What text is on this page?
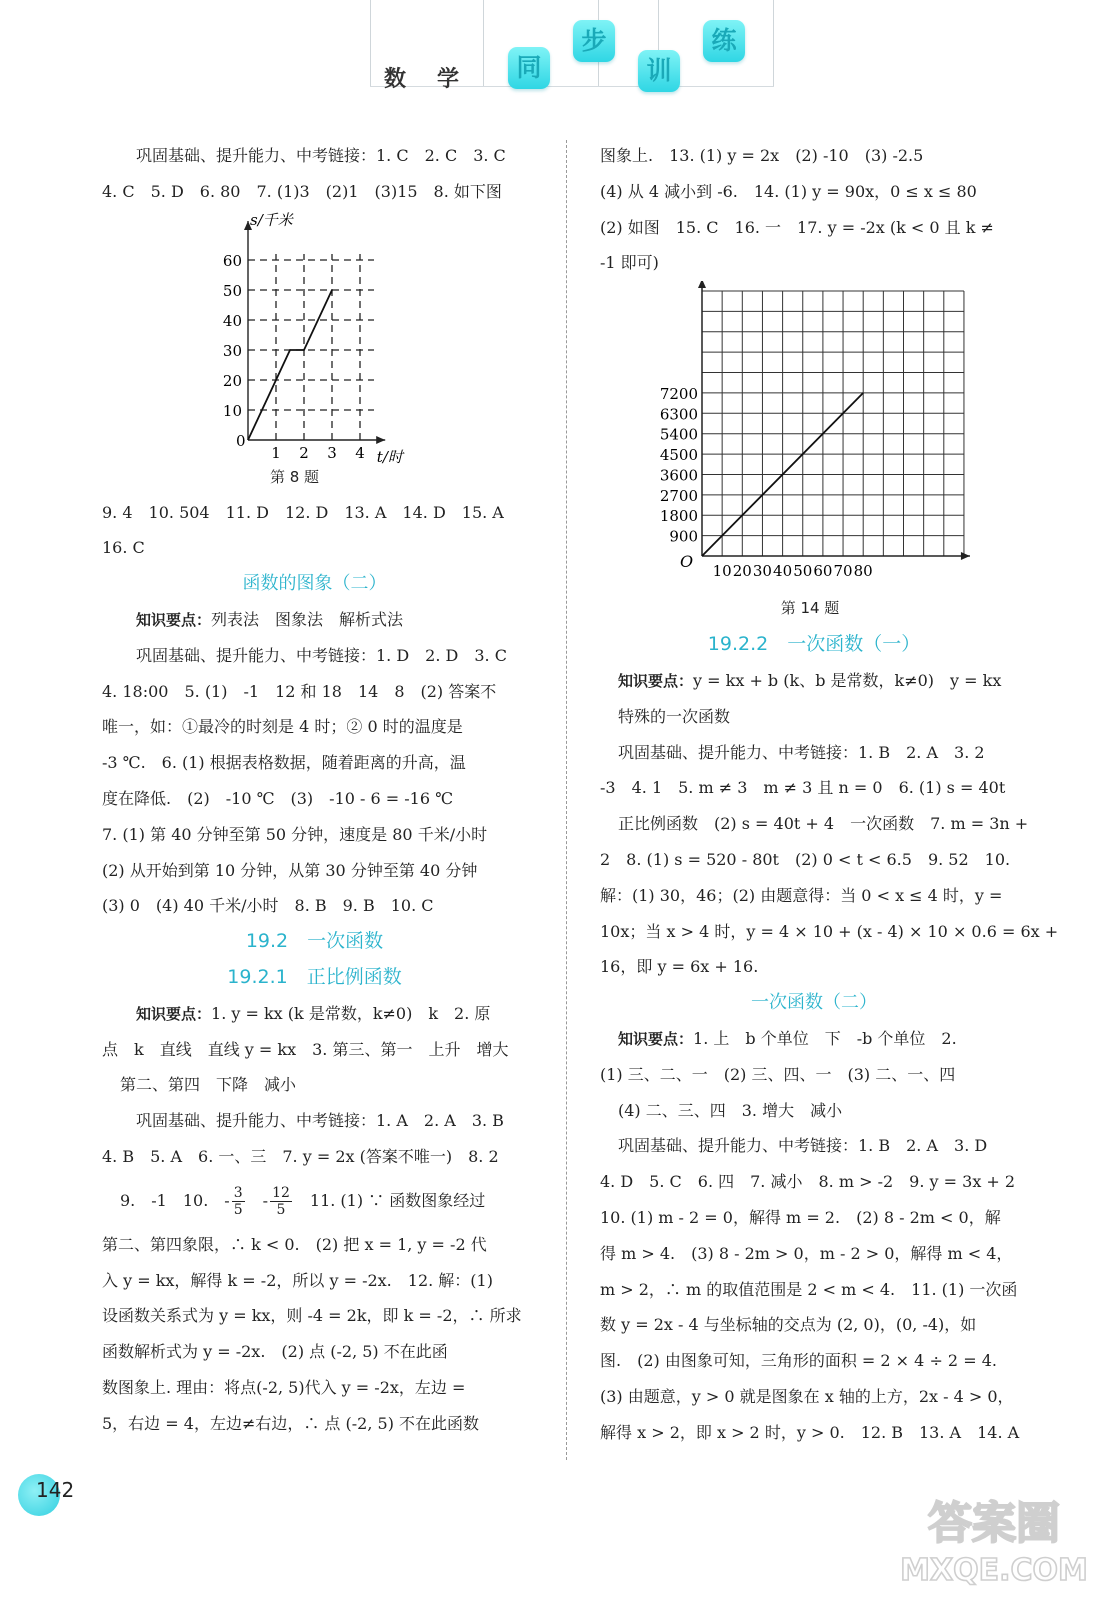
数 学	同
步
训
练
巩固基础、提升能力、中考链接：1. C　2. C　3. C
4. C　5. D　6. 80　7. (1)3　(2)1　(3)15　8. 如下图
10
20
30
40
50
60
1 2 3 4
0
t/时
s/千米
第 8 题
9. 4　10. 504　11. D　12. D　13. A　14. D　15. A
16. C
函数的图象（二）
知识要点：列表法　图象法　解析式法
巩固基础、提升能力、中考链接：1. D　2. D　3. C
4. 18:00　5. (1)　-1　12 和 18　14　8　(2) 答案不
唯一，如：①最冷的时刻是 4 时；② 0 时的温度是
-3 ℃.　6. (1) 根据表格数据，随着距离的升高，温
度在降低.　(2)　-10 ℃　(3)　-10 - 6 = -16 ℃
7. (1) 第 40 分钟至第 50 分钟，速度是 80 千米/小时
(2) 从开始到第 10 分钟，从第 30 分钟至第 40 分钟
(3) 0　(4) 40 千米/小时　8. B　9. B　10. C
19.2　一次函数
19.2.1　正比例函数
知识要点：1. y = kx (k 是常数，k≠0)　k　2. 原
点　k　直线　直线 y = kx　3. 第三、第一　上升　增大
第二、第四　下降　减小
巩固基础、提升能力、中考链接：1. A　2. A　3. B
4. B　5. A　6. 一、三　7. y = 2x (答案不唯一)　8. 2
9.　-1　10.　- $\frac{3}{5}$ 　- $\frac{12}{5}$ 　11. (1) ∵ 函数图象经过
第二、第四象限，∴ k < 0.　(2) 把 x = 1, y = -2 代
入 y = kx，解得 k = -2，所以 y = -2x.　12. 解：(1)
设函数关系式为 y = kx，则 -4 = 2k，即 k = -2，∴ 所求
函数解析式为 y = -2x.　(2) 点 (-2, 5) 不在此函
数图象上. 理由：将点(-2, 5)代入 y = -2x，左边 =
5，右边 = 4，左边≠右边，∴ 点 (-2, 5) 不在此函数
图象上.　13. (1) y = 2x　(2) -10　(3) -2.5
(4) 从 4 减小到 -6.　14. (1) y = 90x，0 ≤ x ≤ 80
(2) 如图　15. C　16. 一　17. y = -2x (k < 0 且 k ≠
-1 即可)
10 20 30 40 50 60 70 80
900
1800
2700
3600
4500
5400
6300
7200
O
第 14 题
19.2.2　一次函数（一）
知识要点：y = kx + b (k、b 是常数，k≠0)　y = kx
特殊的一次函数
巩固基础、提升能力、中考链接：1. B　2. A　3. 2
-3　4. 1　5. m ≠ 3　m ≠ 3 且 n = 0　6. (1) s = 40t
正比例函数　(2) s = 40t + 4　一次函数　7. m = 3n +
2　8. (1) s = 520 - 80t　(2) 0 < t < 6.5　9. 52　10.
解：(1) 30，46；(2) 由题意得：当 0 < x ≤ 4 时，y =
10x；当 x > 4 时，y = 4 × 10 + (x - 4) × 10 × 0.6 = 6x +
16，即 y = 6x + 16.
一次函数（二）
知识要点：1. 上　b 个单位　下　-b 个单位　2.
(1) 三、二、一　(2) 三、四、一　(3) 二、一、四
(4) 二、三、四　3. 增大　减小
巩固基础、提升能力、中考链接：1. B　2. A　3. D
4. D　5. C　6. 四　7. 减小　8. m > -2　9. y = 3x + 2
10. (1) m - 2 = 0，解得 m = 2.　(2) 8 - 2m < 0，解
得 m > 4.　(3) 8 - 2m > 0，m - 2 > 0，解得 m < 4，
m > 2，∴ m 的取值范围是 2 < m < 4.　11. (1) 一次函
数 y = 2x - 4 与坐标轴的交点为 (2, 0)，(0, -4)，如
图.　(2) 由图象可知，三角形的面积 = 2 × 4 ÷ 2 = 4.
(3) 由题意，y > 0 就是图象在 x 轴的上方，2x - 4 > 0，
解得 x > 2，即 x > 2 时，y > 0.　12. B　13. A　14. A
142
答案圈
MXQE.COM
